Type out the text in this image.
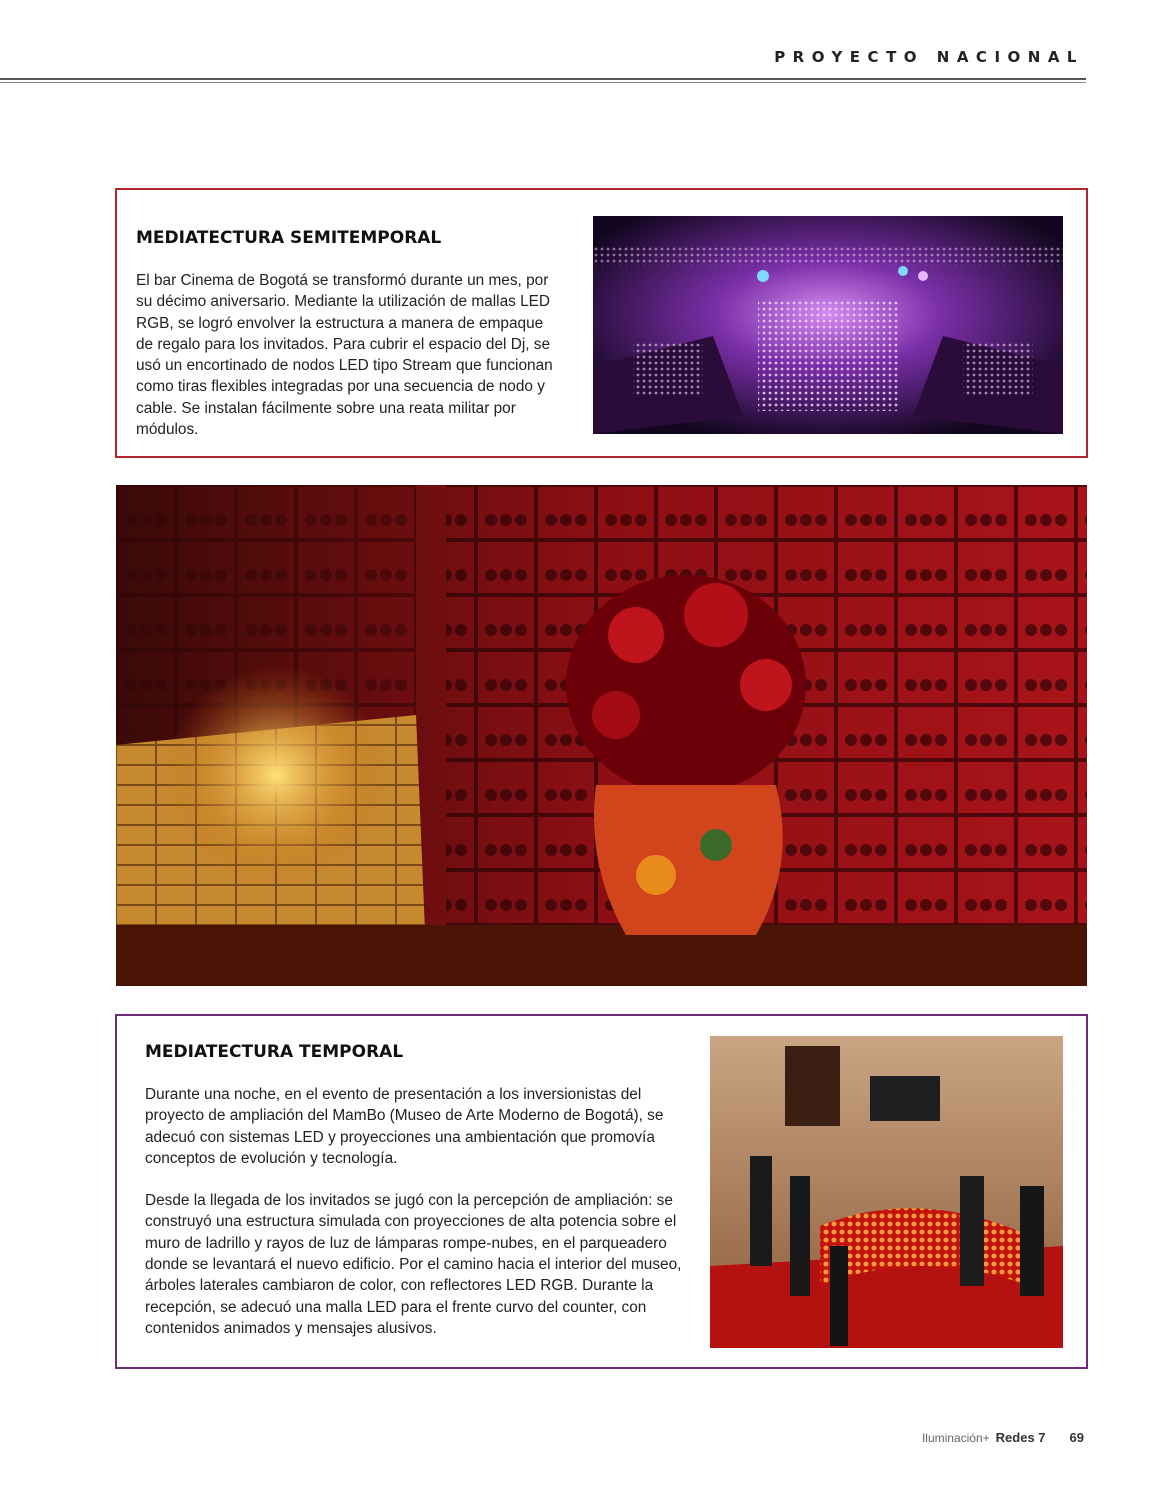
PROYECTO NACIONAL
MEDIATECTURA SEMITEMPORAL

El bar Cinema de Bogotá se transformó durante un mes, por su décimo aniversario. Mediante la utilización de mallas LED RGB, se logró envolver la estructura a manera de empaque de regalo para los invitados. Para cubrir el espacio del Dj, se usó un encortinado de nodos LED tipo Stream que funcionan como tiras flexibles integradas por una secuencia de nodo y cable. Se instalan fácilmente sobre una reata militar por módulos.

MEDIATECTURA TEMPORAL

Durante una noche, en el evento de presentación a los inversionistas del proyecto de ampliación del MamBo (Museo de Arte Moderno de Bogotá), se adecuó con sistemas LED y proyecciones una ambientación que promovía conceptos de evolución y tecnología.

Desde la llegada de los invitados se jugó con la percepción de ampliación: se construyó una estructura simulada con proyecciones de alta potencia sobre el muro de ladrillo y rayos de luz de lámparas rompe-nubes, en el parqueadero donde se levantará el nuevo edificio. Por el camino hacia el interior del museo, árboles laterales cambiaron de color, con reflectores LED RGB. Durante la recepción, se adecuó una malla LED para el frente curvo del counter, con contenidos animados y mensajes alusivos.

Iluminación+ Redes 7 69
